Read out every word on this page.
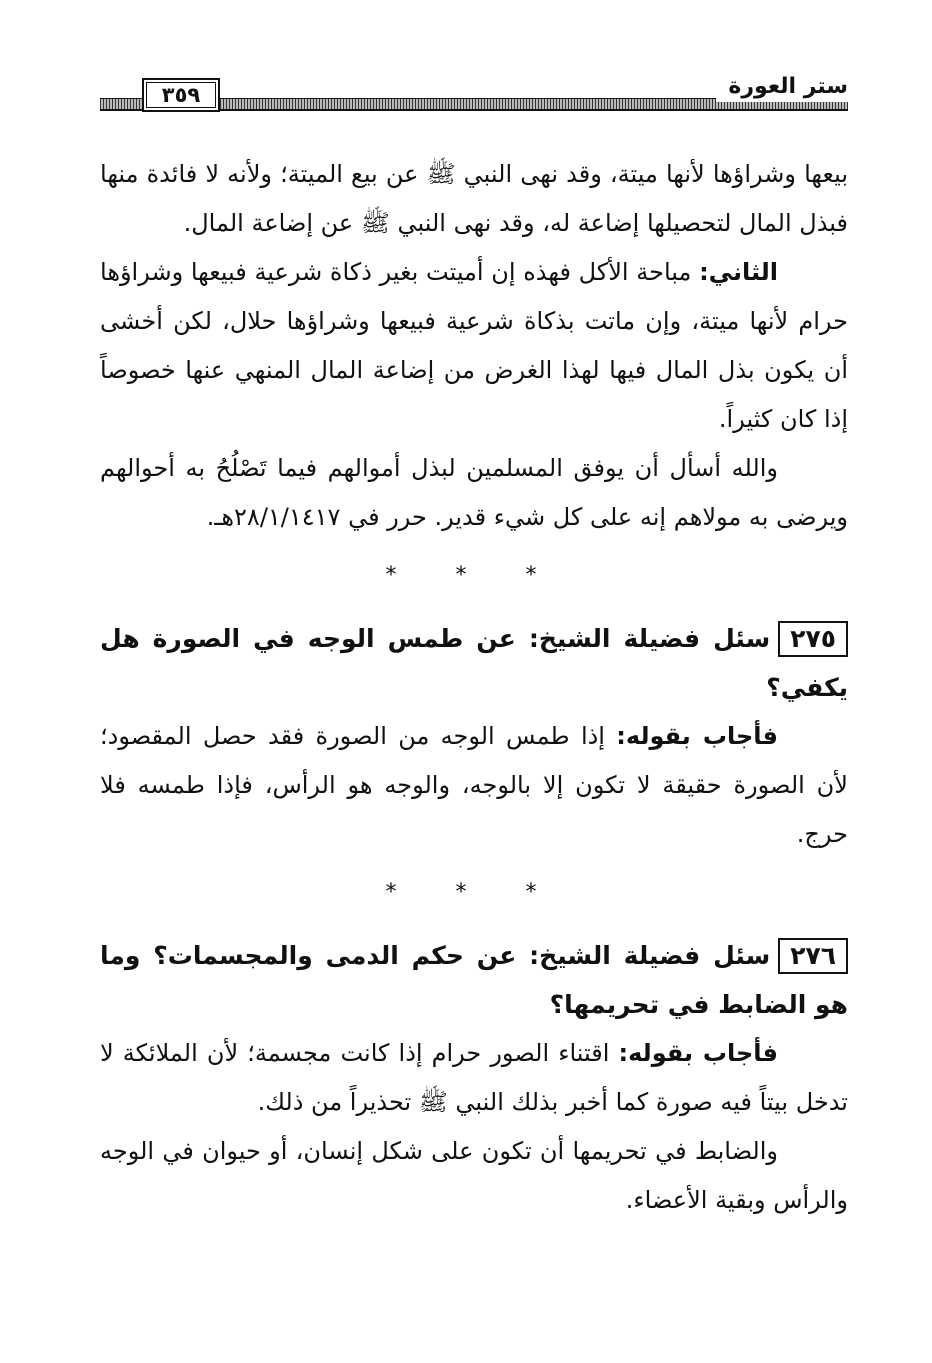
٣٥٩	ستر العورة

بيعها وشراؤها لأنها ميتة، وقد نهى النبي ﷺ عن بيع الميتة؛ ولأنه لا فائدة منها فبذل المال لتحصيلها إضاعة له، وقد نهى النبي ﷺ عن إضاعة المال.

الثاني: مباحة الأكل فهذه إن أميتت بغير ذكاة شرعية فبيعها وشراؤها حرام لأنها ميتة، وإن ماتت بذكاة شرعية فبيعها وشراؤها حلال، لكن أخشى أن يكون بذل المال فيها لهذا الغرض من إضاعة المال المنهي عنها خصوصاً إذا كان كثيراً.

والله أسأل أن يوفق المسلمين لبذل أموالهم فيما تَصْلُحُ به أحوالهم ويرضى به مولاهم إنه على كل شيء قدير. حرر في ٢٨/١/١٤١٧هـ.

* * *

٢٧٥سئل فضيلة الشيخ: عن طمس الوجه في الصورة هل يكفي؟

فأجاب بقوله: إذا طمس الوجه من الصورة فقد حصل المقصود؛ لأن الصورة حقيقة لا تكون إلا بالوجه، والوجه هو الرأس، فإذا طمسه فلا حرج.

* * *

٢٧٦سئل فضيلة الشيخ: عن حكم الدمى والمجسمات؟ وما هو الضابط في تحريمها؟

فأجاب بقوله: اقتناء الصور حرام إذا كانت مجسمة؛ لأن الملائكة لا تدخل بيتاً فيه صورة كما أخبر بذلك النبي ﷺ تحذيراً من ذلك.

والضابط في تحريمها أن تكون على شكل إنسان، أو حيوان في الوجه والرأس وبقية الأعضاء.
